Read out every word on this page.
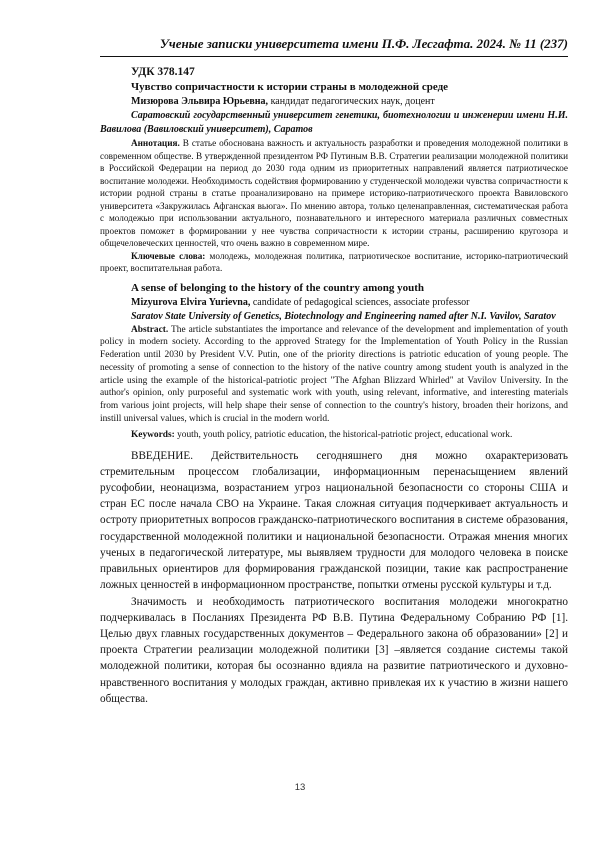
Ученые записки университета имени П.Ф. Лесгафта. 2024. № 11 (237)

УДК 378.147

Чувство сопричастности к истории страны в молодежной среде

Мизюрова Эльвира Юрьевна, кандидат педагогических наук, доцент

Саратовский государственный университет генетики, биотехнологии и инженерии имени Н.И. Вавилова (Вавиловский университет), Саратов

Аннотация. В статье обоснована важность и актуальность разработки и проведения молодежной политики в современном обществе. В утвержденной президентом РФ Путиным В.В. Стратегии реализации молодежной политики в Российской Федерации на период до 2030 года одним из приоритетных направлений является патриотическое воспитание молодежи. Необходимость содействия формированию у студенческой молодежи чувства сопричастности к истории родной страны в статье проанализировано на примере историко-патриотического проекта Вавиловского университета «Закружилась Афганская вьюга». По мнению автора, только целенаправленная, систематическая работа с молодежью при использовании актуального, познавательного и интересного материала различных совместных проектов поможет в формировании у нее чувства сопричастности к истории страны, расширению кругозора и общечеловеческих ценностей, что очень важно в современном мире.

Ключевые слова: молодежь, молодежная политика, патриотическое воспитание, историко-патриотический проект, воспитательная работа.

A sense of belonging to the history of the country among youth

Mizyurova Elvira Yurievna, candidate of pedagogical sciences, associate professor

Saratov State University of Genetics, Biotechnology and Engineering named after N.I. Vavilov, Saratov

Abstract. The article substantiates the importance and relevance of the development and implementation of youth policy in modern society. According to the approved Strategy for the Implementation of Youth Policy in the Russian Federation until 2030 by President V.V. Putin, one of the priority directions is patriotic education of young people. The necessity of promoting a sense of connection to the history of the native country among student youth is analyzed in the article using the example of the historical-patriotic project "The Afghan Blizzard Whirled" at Vavilov University. In the author's opinion, only purposeful and systematic work with youth, using relevant, informative, and interesting materials from various joint projects, will help shape their sense of connection to the country's history, broaden their horizons, and instill universal values, which is crucial in the modern world.

Keywords: youth, youth policy, patriotic education, the historical-patriotic project, educational work.

ВВЕДЕНИЕ. Действительность сегодняшнего дня можно охарактеризовать стремительным процессом глобализации, информационным перенасыщением явлений русофобии, неонацизма, возрастанием угроз национальной безопасности со стороны США и стран ЕС после начала СВО на Украине. Такая сложная ситуация подчеркивает актуальность и остроту приоритетных вопросов гражданско-патриотического воспитания в системе образования, государственной молодежной политики и национальной безопасности. Отражая мнения многих ученых в педагогической литературе, мы выявляем трудности для молодого человека в поиске правильных ориентиров для формирования гражданской позиции, такие как распространение ложных ценностей в информационном пространстве, попытки отмены русской культуры и т.д.

Значимость и необходимость патриотического воспитания молодежи многократно подчеркивалась в Посланиях Президента РФ В.В. Путина Федеральному Собранию РФ [1]. Целью двух главных государственных документов – Федерального закона об образовании» [2] и проекта Стратегии реализации молодежной политики [3] –является создание системы такой молодежной политики, которая бы осознанно вдияла на развитие патриотического и духовно- нравственного воспитания у молодых граждан, активно привлекая их к участию в жизни нашего общества.

13
